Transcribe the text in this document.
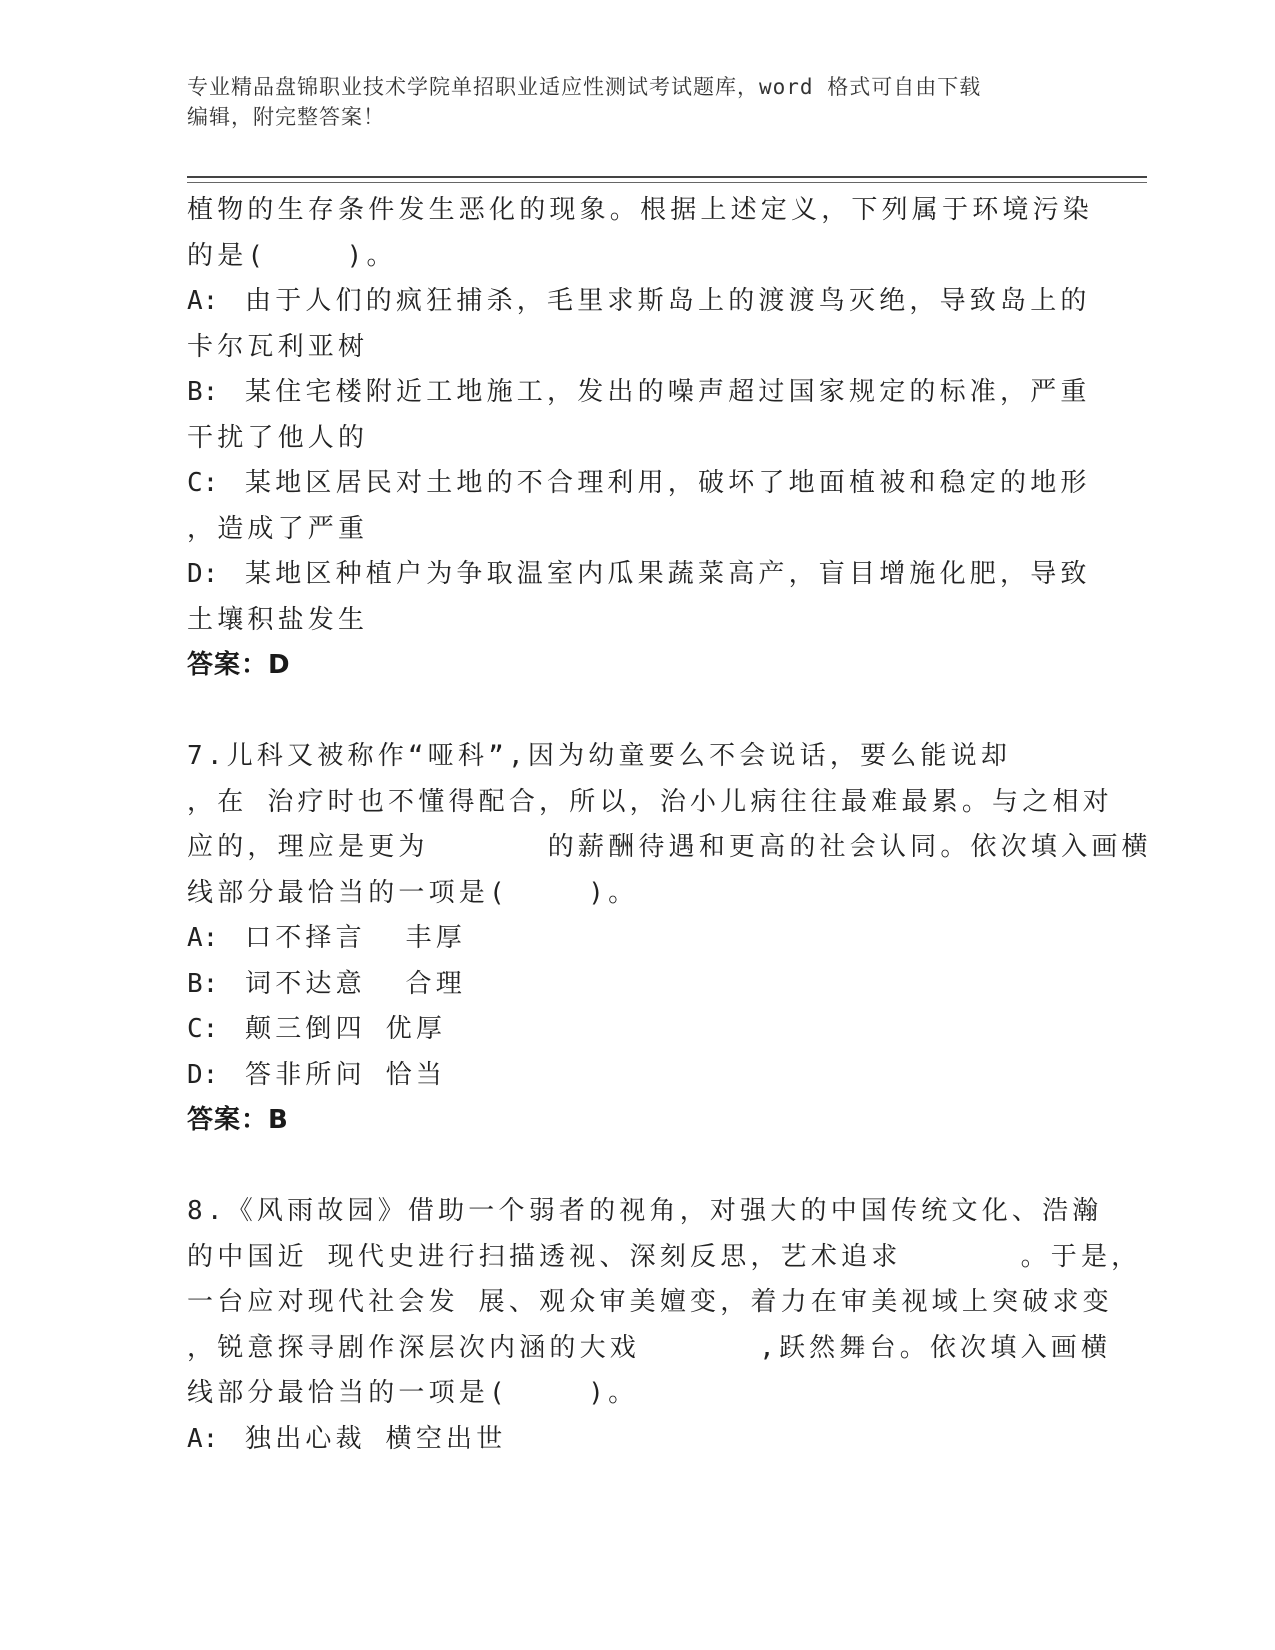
专业精品盘锦职业技术学院单招职业适应性测试考试题库，word 格式可自由下载
编辑，附完整答案！
植物的生存条件发生恶化的现象。根据上述定义，下列属于环境污染
的是(    )。
A: 由于人们的疯狂捕杀，毛里求斯岛上的渡渡鸟灭绝，导致岛上的
卡尔瓦利亚树
B: 某住宅楼附近工地施工，发出的噪声超过国家规定的标准，严重
干扰了他人的
C: 某地区居民对土地的不合理利用，破坏了地面植被和稳定的地形
，造成了严重
D: 某地区种植户为争取温室内瓜果蔬菜高产，盲目增施化肥，导致
土壤积盐发生
答案：D
7.儿科又被称作“哑科”,因为幼童要么不会说话，要么能说却
，在 治疗时也不懂得配合，所以，治小儿病往往最难最累。与之相对
应的，理应是更为      的薪酬待遇和更高的社会认同。依次填入画横
线部分最恰当的一项是(    )。
A: 口不择言  丰厚
B: 词不达意  合理
C: 颠三倒四 优厚
D: 答非所问 恰当
答案：B
8.《风雨故园》借助一个弱者的视角，对强大的中国传统文化、浩瀚
的中国近 现代史进行扫描透视、深刻反思，艺术追求      。于是，
一台应对现代社会发 展、观众审美嬗变，着力在审美视域上突破求变
，锐意探寻剧作深层次内涵的大戏      ,跃然舞台。依次填入画横
线部分最恰当的一项是(    )。
A: 独出心裁 横空出世
